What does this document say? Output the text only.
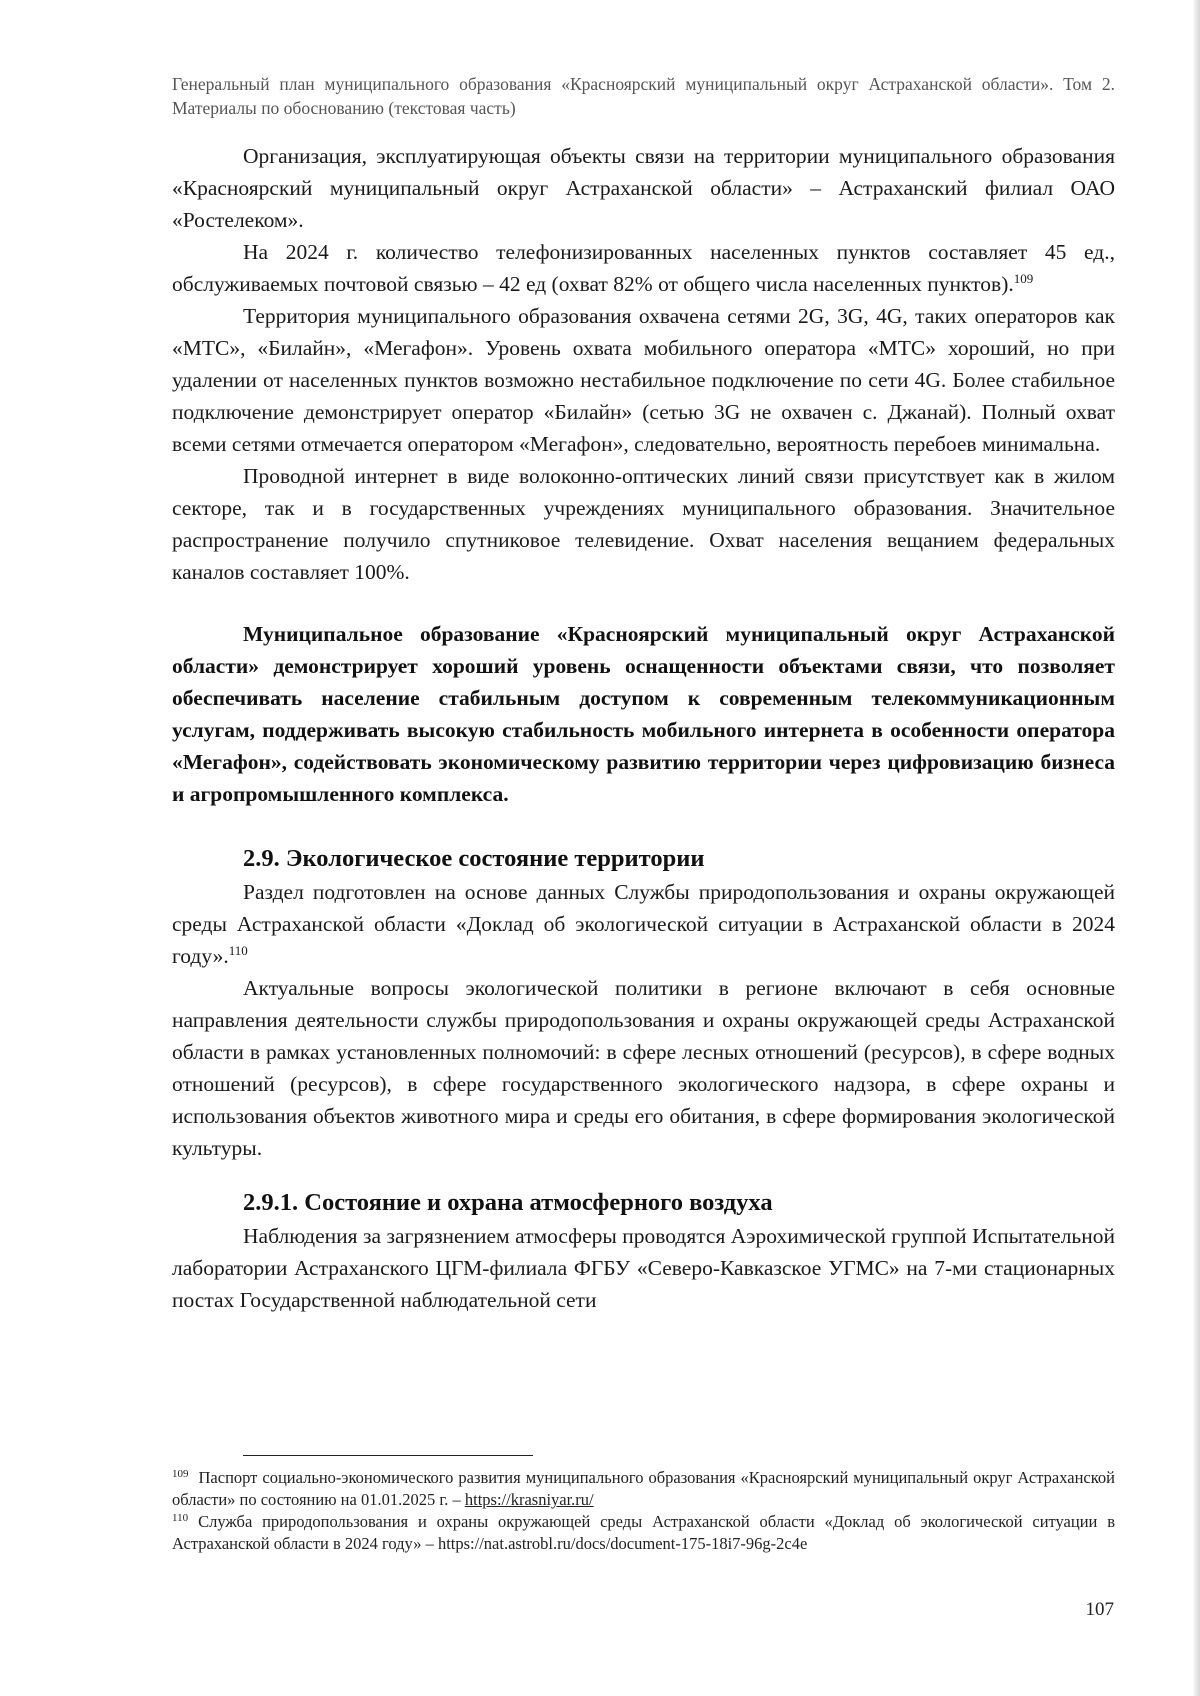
Генеральный план муниципального образования «Красноярский муниципальный округ Астраханской области». Том 2. Материалы по обоснованию (текстовая часть)

Организация, эксплуатирующая объекты связи на территории муниципального образования «Красноярский муниципальный округ Астраханской области» – Астраханский филиал ОАО «Ростелеком».

На 2024 г. количество телефонизированных населенных пунктов составляет 45 ед., обслуживаемых почтовой связью – 42 ед (охват 82% от общего числа населенных пунктов).$^{109}$

Территория муниципального образования охвачена сетями 2G, 3G, 4G, таких операторов как «МТС», «Билайн», «Мегафон». Уровень охвата мобильного оператора «МТС» хороший, но при удалении от населенных пунктов возможно нестабильное подключение по сети 4G. Более стабильное подключение демонстрирует оператор «Билайн» (сетью 3G не охвачен с. Джанай). Полный охват всеми сетями отмечается оператором «Мегафон», следовательно, вероятность перебоев минимальна.

Проводной интернет в виде волоконно-оптических линий связи присутствует как в жилом секторе, так и в государственных учреждениях муниципального образования. Значительное распространение получило спутниковое телевидение. Охват населения вещанием федеральных каналов составляет 100%.

Муниципальное образование «Красноярский муниципальный округ Астраханской области» демонстрирует хороший уровень оснащенности объектами связи, что позволяет обеспечивать население стабильным доступом к современным телекоммуникационным услугам, поддерживать высокую стабильность мобильного интернета в особенности оператора «Мегафон», содействовать экономическому развитию территории через цифровизацию бизнеса и агропромышленного комплекса.

2.9. Экологическое состояние территории

Раздел подготовлен на основе данных Службы природопользования и охраны окружающей среды Астраханской области «Доклад об экологической ситуации в Астраханской области в 2024 году».$^{110}$

Актуальные вопросы экологической политики в регионе включают в себя основные направления деятельности службы природопользования и охраны окружающей среды Астраханской области в рамках установленных полномочий: в сфере лесных отношений (ресурсов), в сфере водных отношений (ресурсов), в сфере государственного экологического надзора, в сфере охраны и использования объектов животного мира и среды его обитания, в сфере формирования экологической культуры.

2.9.1. Состояние и охрана атмосферного воздуха

Наблюдения за загрязнением атмосферы проводятся Аэрохимической группой Испытательной лаборатории Астраханского ЦГМ-филиала ФГБУ «Северо-Кавказское УГМС» на 7-ми стационарных постах Государственной наблюдательной сети

$^{109}$ Паспорт социально-экономического развития муниципального образования «Красноярский муниципальный округ Астраханской области» по состоянию на 01.01.2025 г. – https://krasniyar.ru/

$^{110}$ Служба природопользования и охраны окружающей среды Астраханской области «Доклад об экологической ситуации в Астраханской области в 2024 году» – https://nat.astrobl.ru/docs/document-175-18i7-96g-2c4e

107
